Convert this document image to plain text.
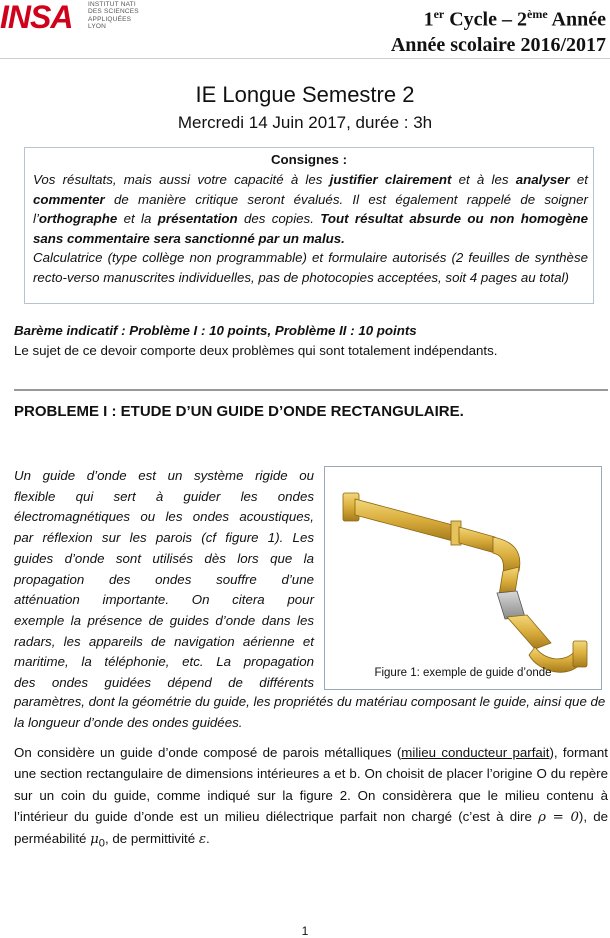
INSA INSTITUT NATI
DES SCIENCES
APPLIQUÉES
LYON	1er Cycle – 2ème Année
Année scolaire 2016/2017
IE Longue Semestre 2
Mercredi 14 Juin 2017, durée : 3h
Consignes :
Vos résultats, mais aussi votre capacité à les justifier clairement et à les analyser et commenter de manière critique seront évalués. Il est également rappelé de soigner l’orthographe et la présentation des copies. Tout résultat absurde ou non homogène sans commentaire sera sanctionné par un malus.
Calculatrice (type collège non programmable) et formulaire autorisés (2 feuilles de synthèse recto-verso manuscrites individuelles, pas de photocopies acceptées, soit 4 pages au total)
Barème indicatif : Problème I : 10 points, Problème II : 10 points
Le sujet de ce devoir comporte deux problèmes qui sont totalement indépendants.
PROBLEME I : ETUDE D’UN GUIDE D’ONDE RECTANGULAIRE.
Un guide d’onde est un système rigide ou
flexible qui sert à guider les ondes
électromagnétiques ou les ondes acoustiques,
par réflexion sur les parois (cf figure 1). Les
guides d’onde sont utilisés dès lors que la
propagation des ondes souffre d’une
atténuation importante. On citera pour
exemple la présence de guides d’onde dans les
radars, les appareils de navigation aérienne et
maritime, la téléphonie, etc. La propagation
des ondes guidées dépend de différents
paramètres, dont la géométrie du guide, les propriétés du matériau composant le guide, ainsi que de la longueur d’onde des ondes guidées.
Figure 1: exemple de guide d’onde
On considère un guide d’onde composé de parois métalliques (milieu conducteur parfait), formant une section rectangulaire de dimensions intérieures a et b. On choisit de placer l’origine O du repère sur un coin du guide, comme indiqué sur la figure 2. On considèrera que le milieu contenu à l’intérieur du guide d’onde est un milieu diélectrique parfait non chargé (c’est à dire ρ = 0), de perméabilité $\mu_0$, de permittivité ε.
1
